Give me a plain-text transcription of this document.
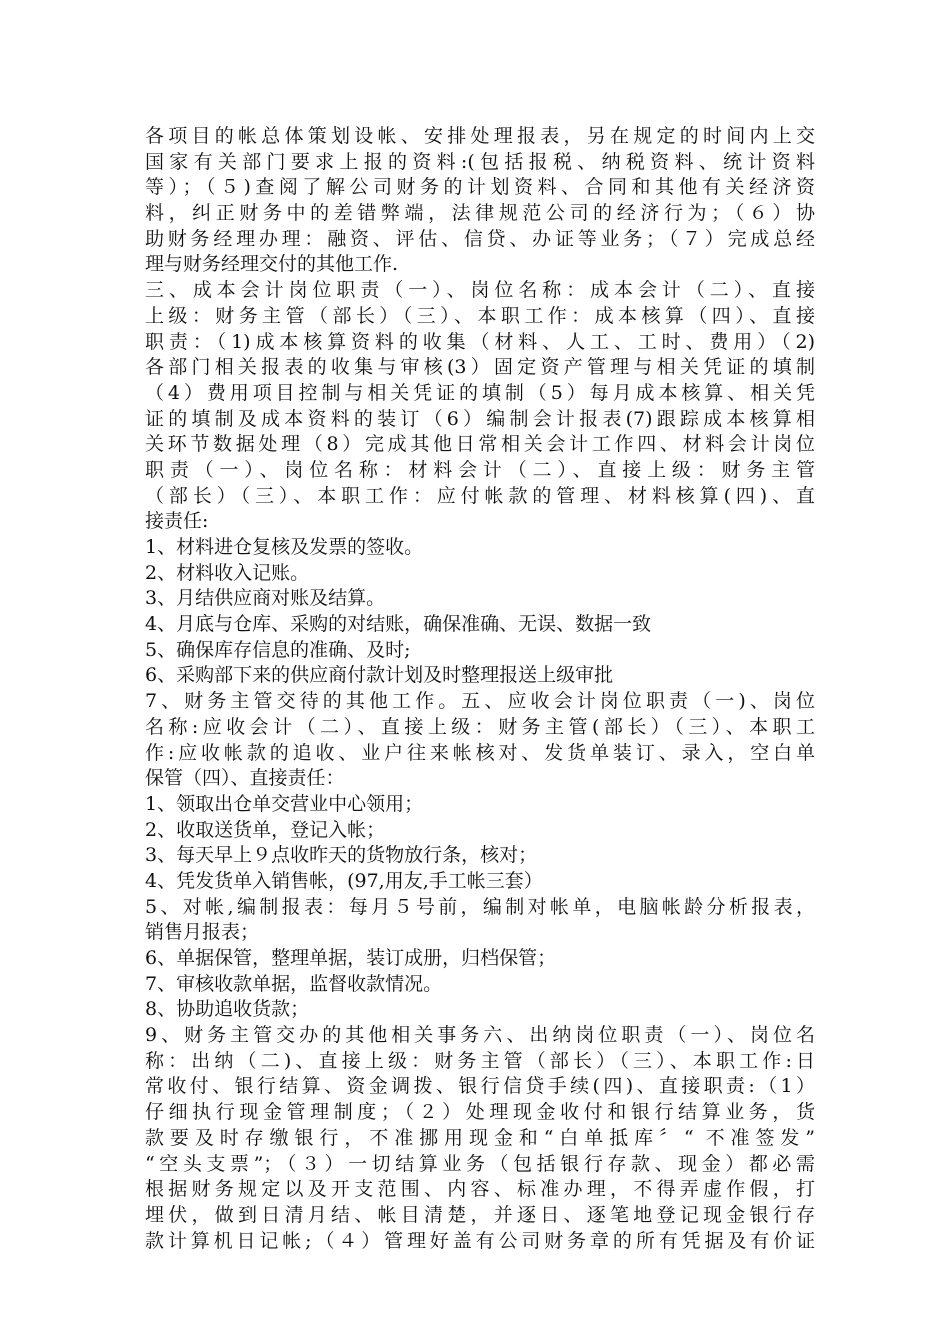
各项目的帐总体策划设帐、安排处理报表，另在规定的时间内上交
国家有关部门要求上报的资料:(包括报税、纳税资料、统计资料
等）；（５)查阅了解公司财务的计划资料、合同和其他有关经济资
料，纠正财务中的差错弊端，法律规范公司的经济行为；（６）协
助财务经理办理：融资、评估、信贷、办证等业务；（７）完成总经
理与财务经理交付的其他工作.
三、成本会计岗位职责（一）、岗位名称：成本会计（二）、直接
上级：财务主管（部长）（三）、本职工作：成本核算（四）、直接
职责：（1)成本核算资料的收集（材料、人工、工时、费用）（2)
各部门相关报表的收集与审核(3）固定资产管理与相关凭证的填制
（4）费用项目控制与相关凭证的填制（5）每月成本核算、相关凭
证的填制及成本资料的装订（6）编制会计报表(7)跟踪成本核算相
关环节数据处理（8）完成其他日常相关会计工作四、材料会计岗位
职责（一）、岗位名称：材料会计（二）、直接上级：财务主管
（部长）（三）、本职工作：应付帐款的管理、材料核算(四)、直
接责任:
1、材料进仓复核及发票的签收。
2、材料收入记账。
3、月结供应商对账及结算。
4、月底与仓库、采购的对结账，确保准确、无误、数据一致
5、确保库存信息的准确、及时;
6、采购部下来的供应商付款计划及时整理报送上级审批
7、财务主管交待的其他工作。五、应收会计岗位职责（一)、岗位
名称:应收会计（二）、直接上级：财务主管(部长）（三）、本职工
作:应收帐款的追收、业户往来帐核对、发货单装订、录入，空白单
保管（四）、直接责任：
1、领取出仓单交营业中心领用；
2、收取送货单，登记入帐；
3、每天早上９点收昨天的货物放行条，核对；
4、凭发货单入销售帐，(97,用友,手工帐三套）
5、对帐,编制报表：每月５号前，编制对帐单，电脑帐龄分析报表，
销售月报表；
6、单据保管，整理单据，装订成册，归档保管；
7、审核收款单据，监督收款情况。
8、协助追收货款；
9、财务主管交办的其他相关事务六、出纳岗位职责（一）、岗位名
称：出纳（二)、直接上级：财务主管（部长）（三）、本职工作:日
常收付、银行结算、资金调拨、银行信贷手续(四)、直接职责:（1）
仔细执行现金管理制度；（２）处理现金收付和银行结算业务，货
款要及时存缴银行，不准挪用现金和“白单抵库〞“ 不准签发”
“空头支票”；（３）一切结算业务（包括银行存款、现金）都必需
根据财务规定以及开支范围、内容、标准办理，不得弄虚作假，打
埋伏，做到日清月结、帐目清楚，并逐日、逐笔地登记现金银行存
款计算机日记帐;（４）管理好盖有公司财务章的所有凭据及有价证
